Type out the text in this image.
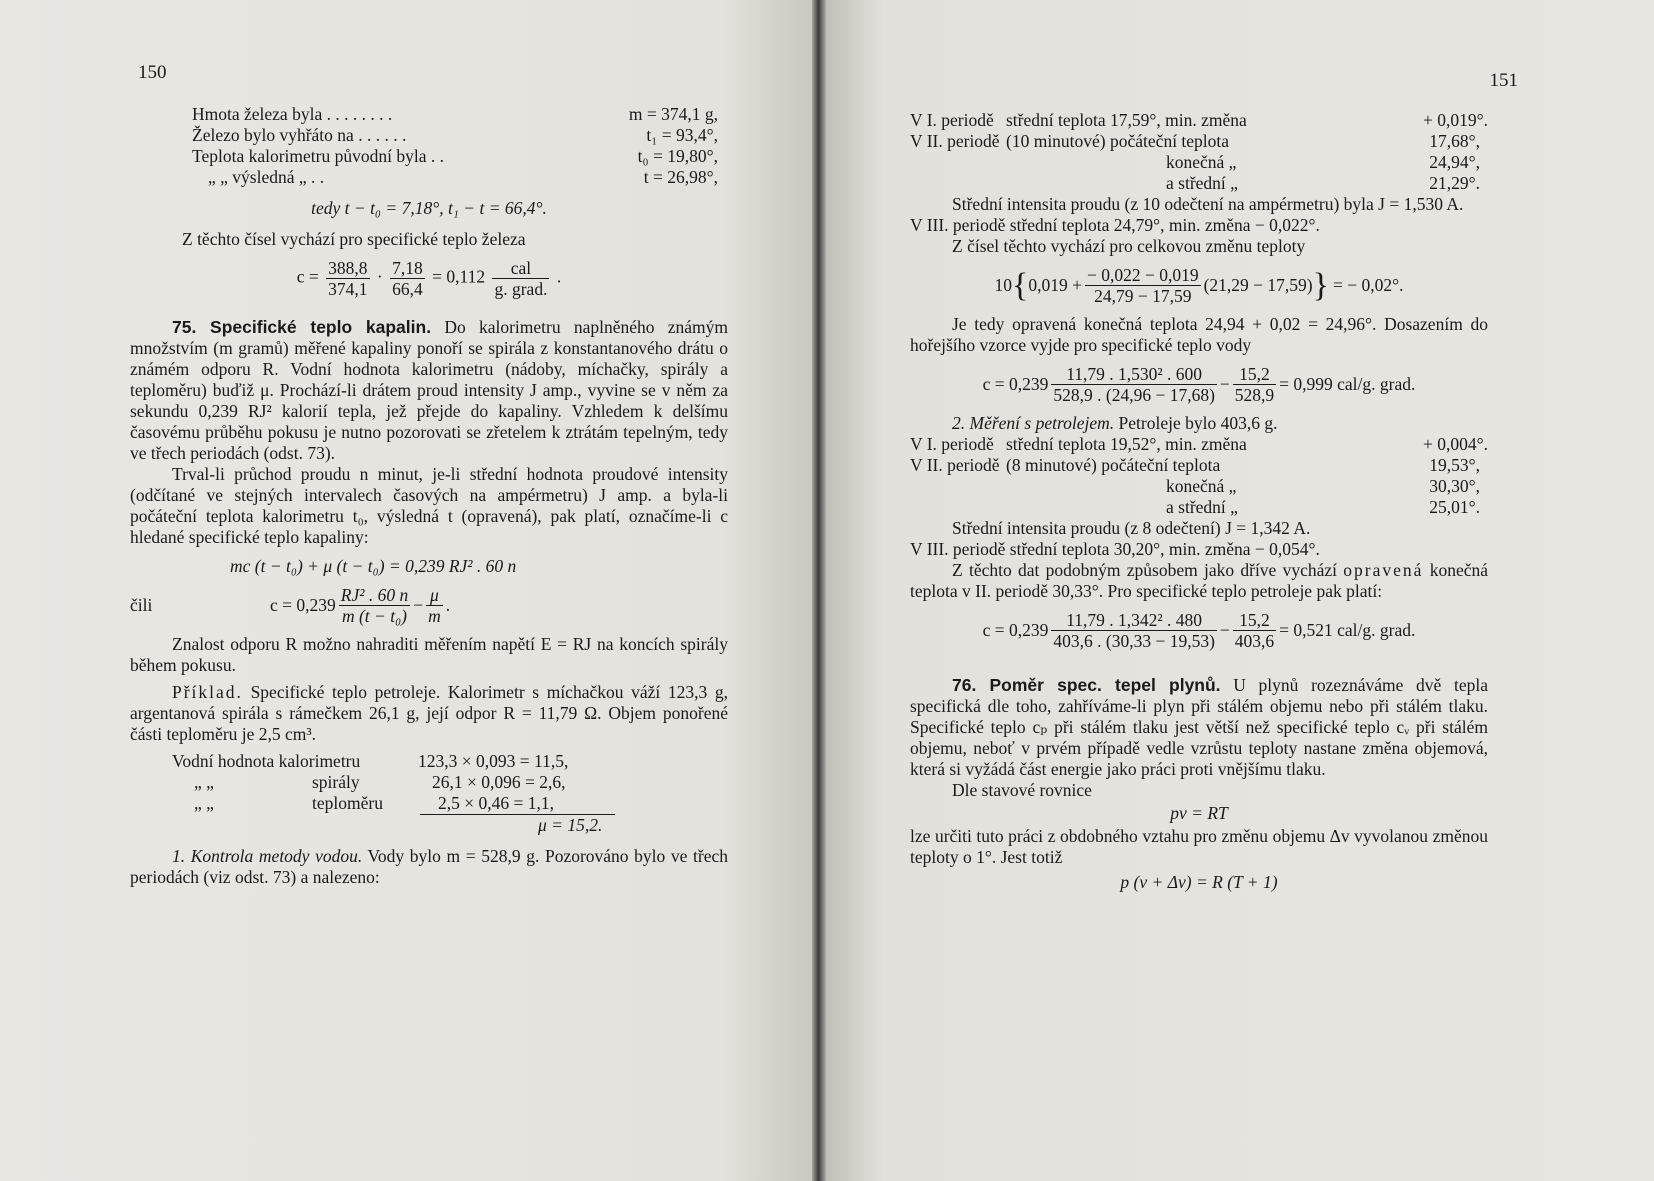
150
Hmota železa byla . . . . . . . .	m = 374,1 g,
Železo bylo vyhřáto na . . . . . .	t₁ = 93,4°,
Teplota kalorimetru původní byla . .	t₀ = 19,80°,
„ „ výsledná „ . .	t = 26,98°,

tedy t − t₀ = 7,18°, t₁ − t = 66,4°.

Z těchto čísel vychází pro specifické teplo železa

$c = \frac{388,8}{374,1} \cdot \frac{7,18}{66,4} = 0,112 \frac{\text{cal}}{\text{g. grad.}}$ .

75. Specifické teplo kapalin. Do kalorimetru naplněného známým množstvím (m gramů) měřené kapaliny ponoří se spirála z konstantanového drátu o známém odporu R. Vodní hodnota kalorimetru (nádoby, míchačky, spirály a teploměru) buďiž μ. Prochází-li drátem proud intensity J amp., vyvine se v něm za sekundu 0,239 RJ² kalorií tepla, jež přejde do kapaliny. Vzhledem k delšímu časovému průběhu pokusu je nutno pozorovati se zřetelem k ztrátám tepelným, tedy ve třech periodách (odst. 73).

Trval-li průchod proudu n minut, je-li střední hodnota proudové intensity (odčítané ve stejných intervalech časových na ampérmetru) J amp. a byla-li počáteční teplota kalorimetru t₀, výsledná t (opravená), pak platí, označíme-li c hledané specifické teplo kapaliny:

mc (t − t₀) + μ (t − t₀) = 0,239 RJ² . 60 n
čili	$c = 0,239 \frac{\text{RJ² . 60 n}}{\text{m (t − t₀)}} - \frac{\mu}{m}$ .

Znalost odporu R možno nahraditi měřením napětí E = RJ na koncích spirály během pokusu.

Příklad. Specifické teplo petroleje. Kalorimetr s míchačkou váží 123,3 g, argentanová spirála s rámečkem 26,1 g, její odpor R = 11,79 Ω. Objem ponořené části teploměru je 2,5 cm³.

Vodní hodnota kalorimetru	123,3 × 0,093 = 11,5,
„ „	spirály	26,1 × 0,096 = 2,6,
„ „	teploměru	2,5 × 0,46 = 1,1,
μ = 15,2.

1. Kontrola metody vodou. Vody bylo m = 528,9 g. Pozorováno bylo ve třech periodách (viz odst. 73) a nalezeno:

151
V I. periodě střední teplota 17,59°, min. změna	+ 0,019°.
V II. periodě (10 minutové) počáteční teplota	17,68°,
konečná „	24,94°,
a střední „	21,29°.

Střední intensita proudu (z 10 odečtení na ampérmetru) byla J = 1,530 A.

V III. periodě střední teplota 24,79°, min. změna − 0,022°.

Z čísel těchto vychází pro celkovou změnu teploty

10 { $0,019 + \frac{- 0,022 - 0,019}{24,79 - 17,59} (21,29 - 17,59)$ } = − 0,02°.

Je tedy opravená konečná teplota 24,94 + 0,02 = 24,96°. Dosazením do hořejšího vzorce vyjde pro specifické teplo vody

$c = 0,239 \frac{\text{11,79 . 1,530² . 600}}{528,9 . (24,96 - 17,68)} - \frac{15,2}{528,9} = 0,999$ cal/g. grad.

2. Měření s petrolejem. Petroleje bylo 403,6 g.

V I. periodě střední teplota 19,52°, min. změna	+ 0,004°.
V II. periodě (8 minutové) počáteční teplota	19,53°,
konečná „	30,30°,
a střední „	25,01°.

Střední intensita proudu (z 8 odečtení) J = 1,342 A.

V III. periodě střední teplota 30,20°, min. změna − 0,054°.

Z těchto dat podobným způsobem jako dříve vychází opravená konečná teplota v II. periodě 30,33°. Pro specifické teplo petroleje pak platí:

$c = 0,239 \frac{\text{11,79 . 1,342² . 480}}{403,6 . (30,33 - 19,53)} - \frac{15,2}{403,6} = 0,521$ cal/g. grad.

76. Poměr spec. tepel plynů. U plynů rozeznáváme dvě tepla specifická dle toho, zahříváme-li plyn při stálém objemu nebo při stálém tlaku. Specifické teplo cₚ při stálém tlaku jest větší než specifické teplo cᵥ při stálém objemu, neboť v prvém případě vedle vzrůstu teploty nastane změna objemová, která si vyžádá část energie jako práci proti vnějšímu tlaku.

Dle stavové rovnice

pv = RT

lze určiti tuto práci z obdobného vztahu pro změnu objemu Δv vyvolanou změnou teploty o 1°. Jest totiž

p (v + Δv) = R (T + 1)
